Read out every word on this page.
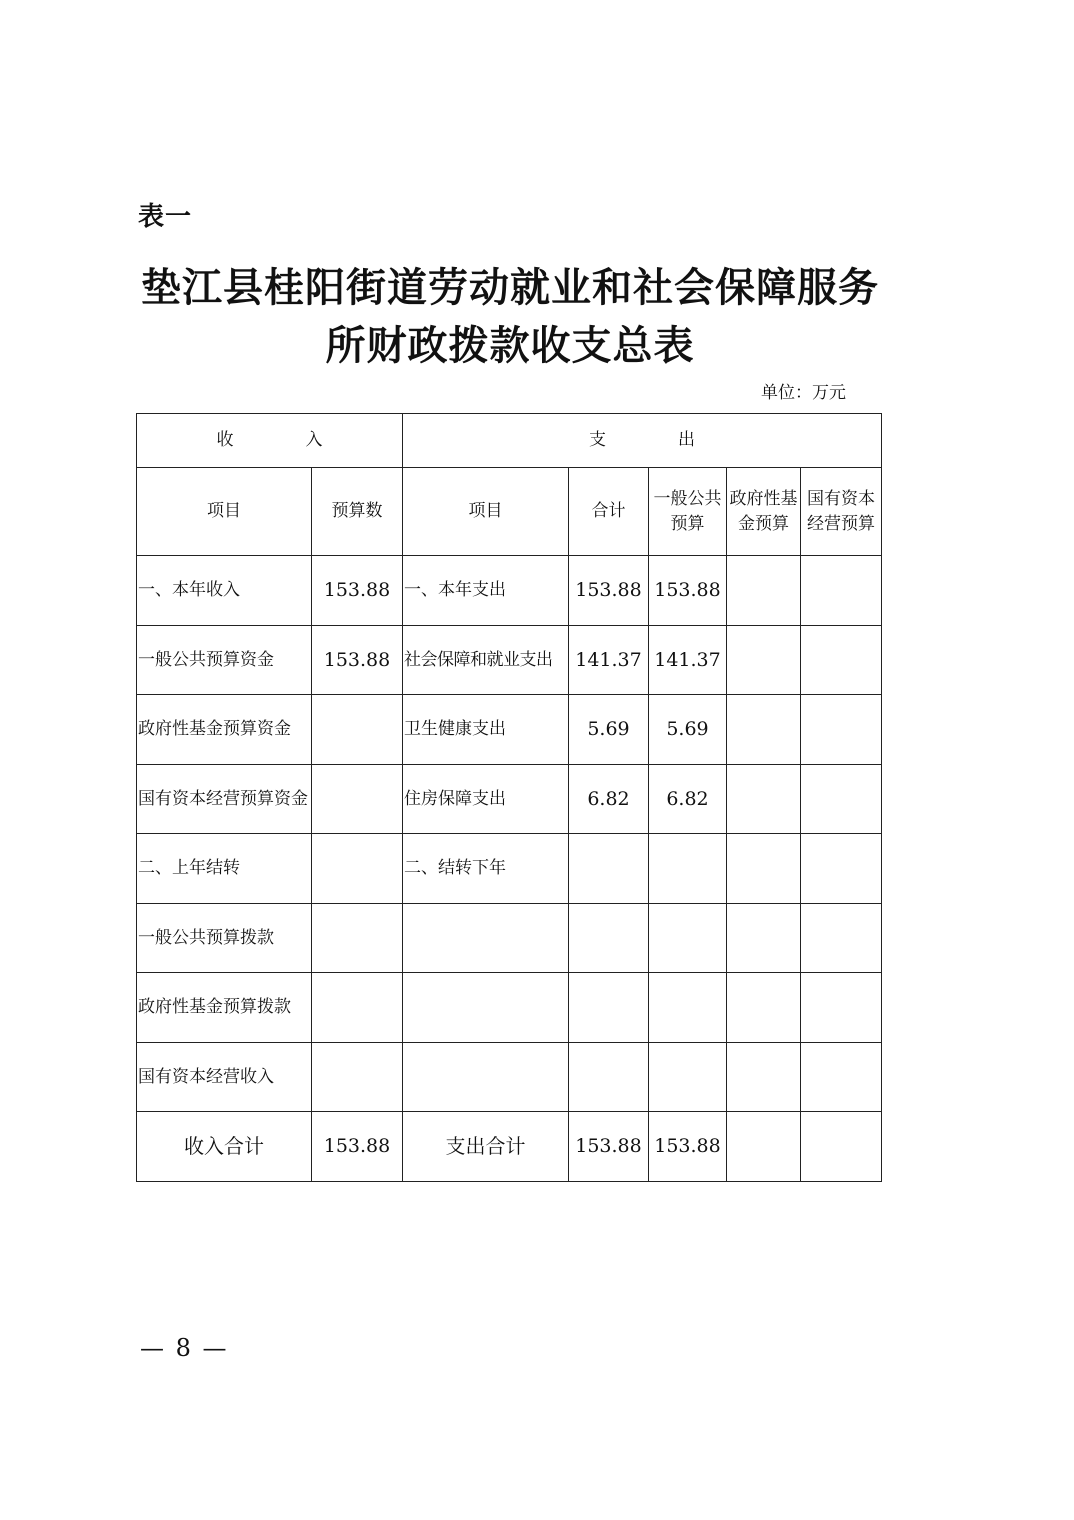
表一
垫江县桂阳街道劳动就业和社会保障服务
所财政拨款收支总表
单位：万元
收 入		支 出				
项目	预算数	项目	合计	一般公共预算	政府性基金预算	国有资本经营预算
一、本年收入	153.88	一、本年支出	153.88	153.88		
一般公共预算资金	153.88	社会保障和就业支出	141.37	141.37		
政府性基金预算资金		卫生健康支出	5.69	5.69		
国有资本经营预算资金		住房保障支出	6.82	6.82		
二、上年结转		二、结转下年				
一般公共预算拨款						
政府性基金预算拨款						
国有资本经营收入						
收入合计	153.88	支出合计	153.88	153.88		
— 8 —
